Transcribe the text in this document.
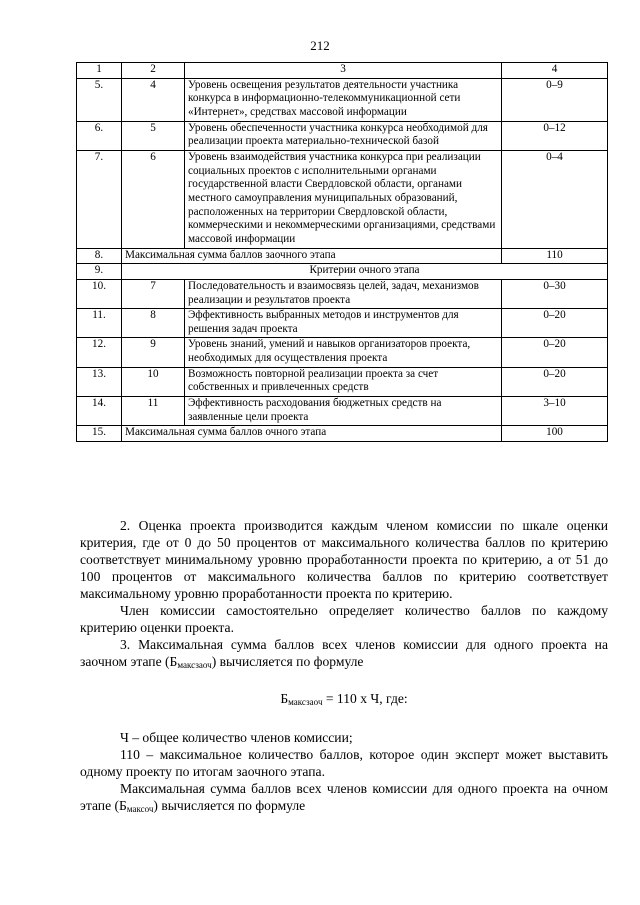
212
1	2	3	4
5.	4	Уровень освещения результатов деятельности участника конкурса в информационно-телекоммуникационной сети «Интернет», средствах массовой информации	0–9
6.	5	Уровень обеспеченности участника конкурса необходимой для реализации проекта материально-технической базой	0–12
7.	6	Уровень взаимодействия участника конкурса при реализации социальных проектов с исполнительными органами государственной власти Свердловской области, органами местного самоуправления муниципальных образований, расположенных на территории Свердловской области, коммерческими и некоммерческими организациями, средствами массовой информации	0–4
8.	Максимальная сумма баллов заочного этапа		110
9.	Критерии очного этапа		
10.	7	Последовательность и взаимосвязь целей, задач, механизмов реализации и результатов проекта	0–30
11.	8	Эффективность выбранных методов и инструментов для решения задач проекта	0–20
12.	9	Уровень знаний, умений и навыков организаторов проекта, необходимых для осуществления проекта	0–20
13.	10	Возможность повторной реализации проекта за счет собственных и привлеченных средств	0–20
14.	11	Эффективность расходования бюджетных средств на заявленные цели проекта	3–10
15.	Максимальная сумма баллов очного этапа		100

2. Оценка проекта производится каждым членом комиссии по шкале оценки критерия, где от 0 до 50 процентов от максимального количества баллов по критерию соответствует минимальному уровню проработанности проекта по критерию, а от 51 до 100 процентов от максимального количества баллов по критерию соответствует максимальному уровню проработанности проекта по критерию.

Член комиссии самостоятельно определяет количество баллов по каждому критерию оценки проекта.

3. Максимальная сумма баллов всех членов комиссии для одного проекта на заочном этапе $(Б_{максзаоч})$ вычисляется по формуле

$Б_{максзаоч} = 110$ х Ч, где:

Ч – общее количество членов комиссии;

110 – максимальное количество баллов, которое один эксперт может выставить одному проекту по итогам заочного этапа.

Максимальная сумма баллов всех членов комиссии для одного проекта на очном этапе $(Б_{максоч})$ вычисляется по формуле
